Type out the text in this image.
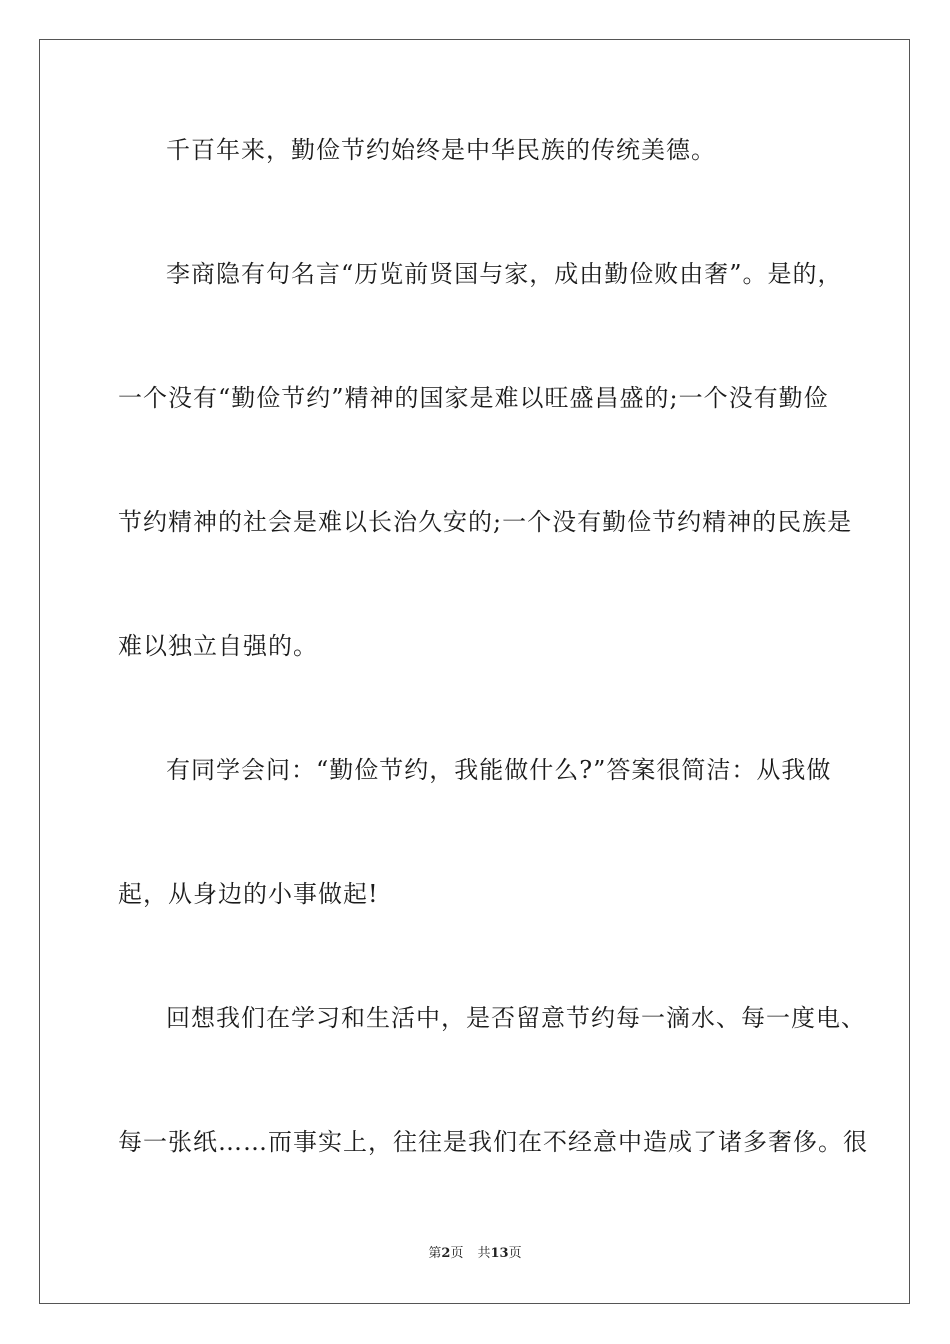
千百年来，勤俭节约始终是中华民族的传统美德。
李商隐有句名言“历览前贤国与家，成由勤俭败由奢”。是的，
一个没有“勤俭节约”精神的国家是难以旺盛昌盛的;一个没有勤俭
节约精神的社会是难以长治久安的;一个没有勤俭节约精神的民族是
难以独立自强的。
有同学会问：“勤俭节约，我能做什么?”答案很简洁：从我做
起，从身边的小事做起!
回想我们在学习和生活中，是否留意节约每一滴水、每一度电、
每一张纸……而事实上，往往是我们在不经意中造成了诸多奢侈。很
第2页 共13页
